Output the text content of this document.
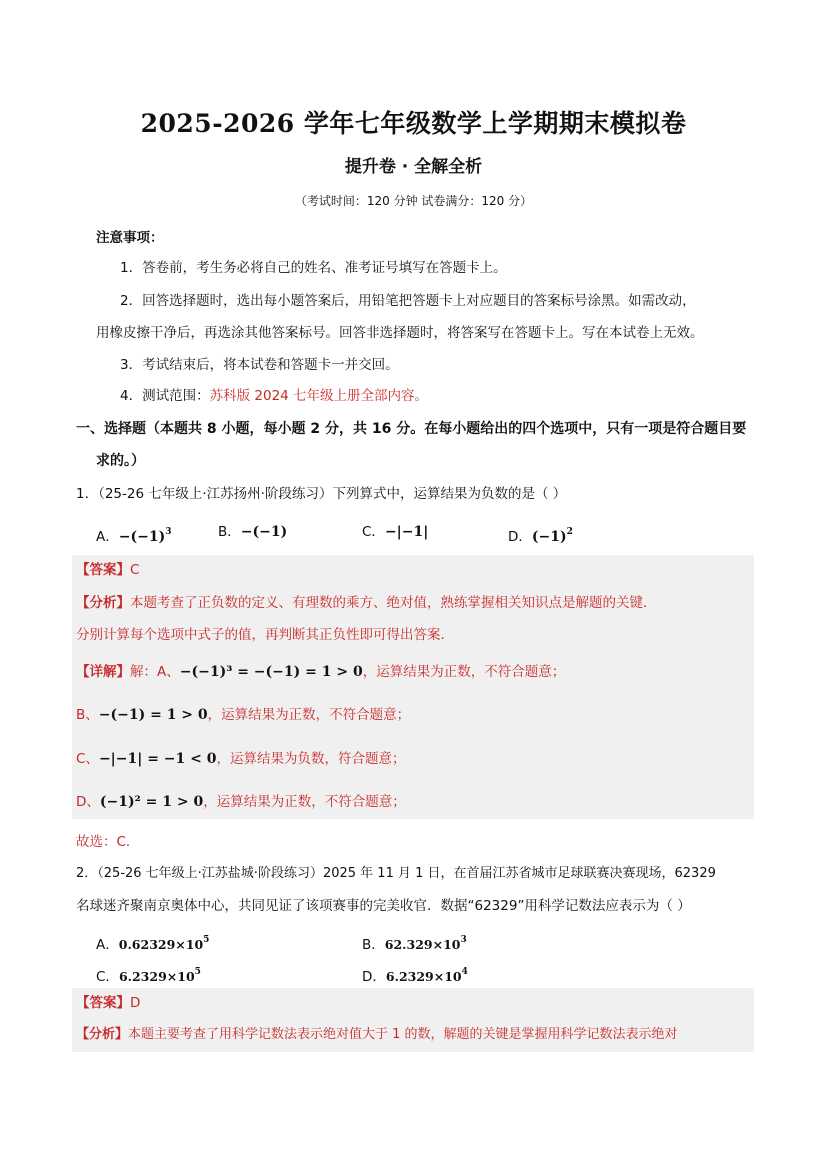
2025-2026 学年七年级数学上学期期末模拟卷
提升卷 · 全解全析
（考试时间：120 分钟 试卷满分：120 分）
注意事项：
1．答卷前，考生务必将自己的姓名、准考证号填写在答题卡上。
2．回答选择题时，选出每小题答案后，用铅笔把答题卡上对应题目的答案标号涂黑。如需改动，
用橡皮擦干净后，再选涂其他答案标号。回答非选择题时，将答案写在答题卡上。写在本试卷上无效。
3．考试结束后，将本试卷和答题卡一并交回。
4．测试范围：苏科版 2024 七年级上册全部内容。
一、选择题（本题共 8 小题，每小题 2 分，共 16 分。在每小题给出的四个选项中，只有一项是符合题目要
求的。）
1．（25-26 七年级上·江苏扬州·阶段练习）下列算式中，运算结果为负数的是（ ）
A．$-(-1)^3$	B．−(−1)	C．−|−1|	D．$(-1)^2$
【答案】C
【分析】本题考查了正负数的定义、有理数的乘方、绝对值，熟练掌握相关知识点是解题的关键．
分别计算每个选项中式子的值，再判断其正负性即可得出答案．
【详解】解：A、−(−1)³ = −(−1) = 1 > 0，运算结果为正数，不符合题意；
B、−(−1) = 1 > 0，运算结果为正数，不符合题意；
C、−|−1| = −1 < 0，运算结果为负数，符合题意；
D、(−1)² = 1 > 0，运算结果为正数，不符合题意；
故选：C．
2．（25-26 七年级上·江苏盐城·阶段练习）2025 年 11 月 1 日，在首届江苏省城市足球联赛决赛现场，62329
名球迷齐聚南京奥体中心，共同见证了该项赛事的完美收官．数据“62329”用科学记数法应表示为（ ）
A．$0.62329\times 10^5$	B．$62.329\times 10^3$
C．$6.2329\times 10^5$	D．$6.2329\times 10^4$
【答案】D
【分析】本题主要考查了用科学记数法表示绝对值大于 1 的数，解题的关键是掌握用科学记数法表示绝对
